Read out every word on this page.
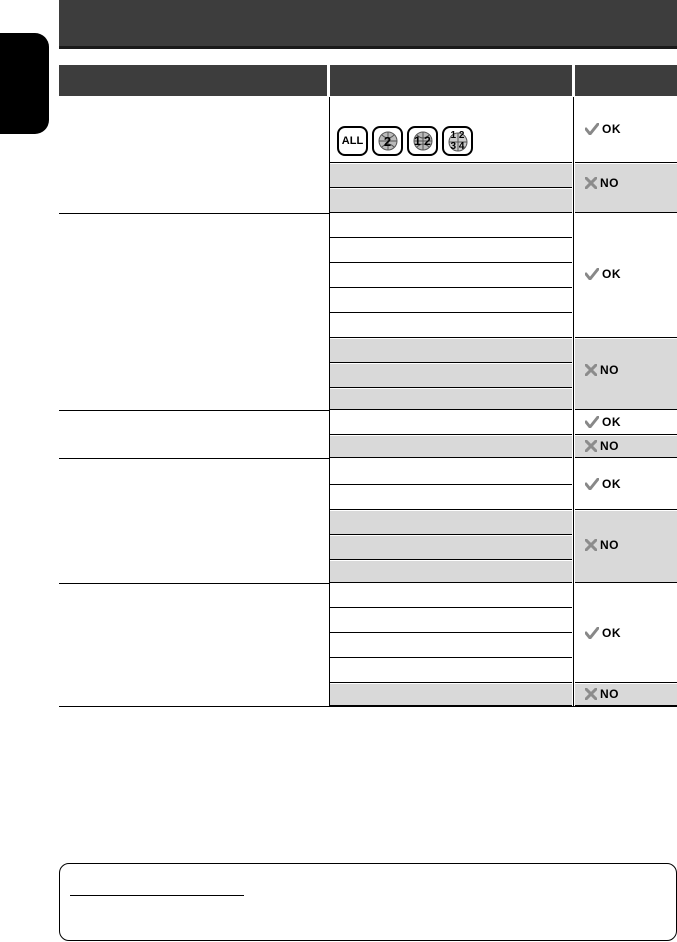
OK
NO
OK
NO
OK
NO
OK
NO
OK
NO
ALL 2 1 2 1 2
3 4
